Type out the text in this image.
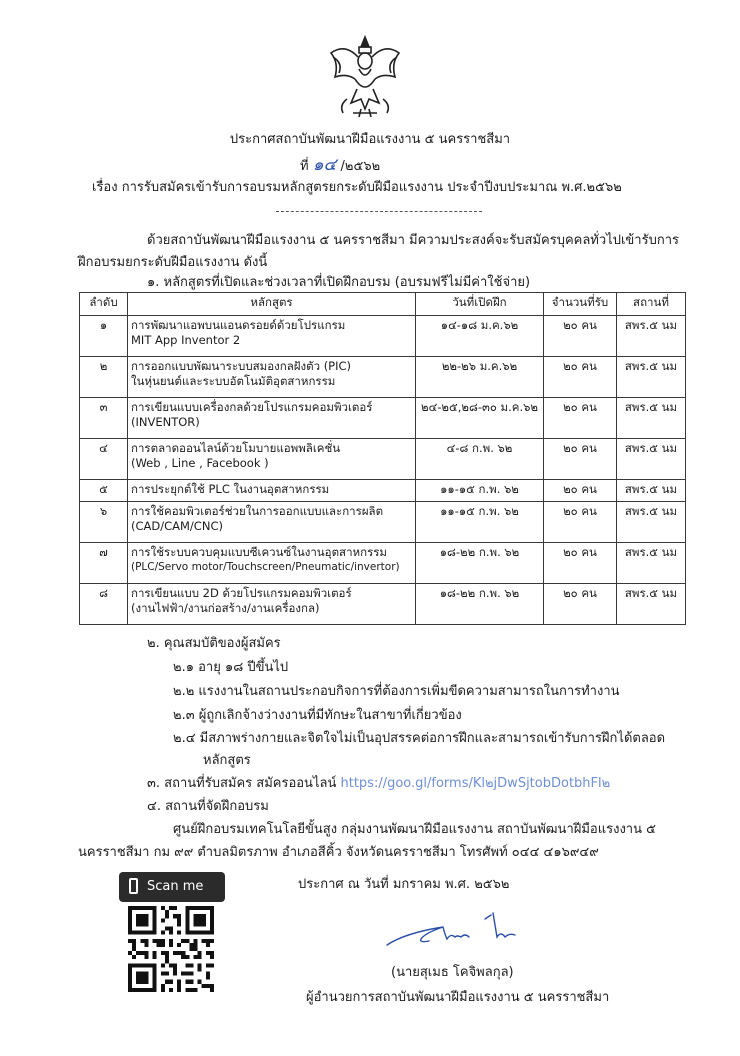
ประกาศสถาบันพัฒนาฝีมือแรงงาน ๕ นครราชสีมา
ที่ ๑๔ /๒๕๖๒
เรื่อง การรับสมัครเข้ารับการอบรมหลักสูตรยกระดับฝีมือแรงงาน ประจำปีงบประมาณ พ.ศ.๒๕๖๒
ด้วยสถาบันพัฒนาฝีมือแรงงาน ๕ นครราชสีมา มีความประสงค์จะรับสมัครบุคคลทั่วไปเข้ารับการ
ฝึกอบรมยกระดับฝีมือแรงงาน ดังนี้
๑. หลักสูตรที่เปิดและช่วงเวลาที่เปิดฝึกอบรม (อบรมฟรีไม่มีค่าใช้จ่าย)
ลำดับ	หลักสูตร	วันที่เปิดฝึก	จำนวนที่รับ	สถานที่
๑	การพัฒนาแอพบนแอนดรอยด์ด้วยโปรแกรม
MIT App Inventor 2	๑๔-๑๘ ม.ค.๖๒	๒๐ คน	สพร.๕ นม
๒	การออกแบบพัฒนาระบบสมองกลฝังตัว (PIC)
ในหุ่นยนต์และระบบอัตโนมัติอุตสาหกรรม	๒๒-๒๖ ม.ค.๖๒	๒๐ คน	สพร.๕ นม
๓	การเขียนแบบเครื่องกลด้วยโปรแกรมคอมพิวเตอร์
(INVENTOR)	๒๔-๒๕,๒๘-๓๐ ม.ค.๖๒	๒๐ คน	สพร.๕ นม
๔	การตลาดออนไลน์ด้วยโมบายแอพพลิเคชั่น
(Web , Line , Facebook )	๔-๘ ก.พ. ๖๒	๒๐ คน	สพร.๕ นม
๕	การประยุกต์ใช้ PLC ในงานอุตสาหกรรม	๑๑-๑๕ ก.พ. ๖๒	๒๐ คน	สพร.๕ นม
๖	การใช้คอมพิวเตอร์ช่วยในการออกแบบและการผลิต
(CAD/CAM/CNC)	๑๑-๑๕ ก.พ. ๖๒	๒๐ คน	สพร.๕ นม
๗	การใช้ระบบควบคุมแบบซีเควนซ์ในงานอุตสาหกรรม
(PLC/Servo motor/Touchscreen/Pneumatic/invertor)	๑๘-๒๒ ก.พ. ๖๒	๒๐ คน	สพร.๕ นม
๘	การเขียนแบบ 2D ด้วยโปรแกรมคอมพิวเตอร์
(งานไฟฟ้า/งานก่อสร้าง/งานเครื่องกล)	๑๘-๒๒ ก.พ. ๖๒	๒๐ คน	สพร.๕ นม
๒. คุณสมบัติของผู้สมัคร
๒.๑ อายุ ๑๘ ปีขึ้นไป
๒.๒ แรงงานในสถานประกอบกิจการที่ต้องการเพิ่มขีดความสามารถในการทำงาน
๒.๓ ผู้ถูกเลิกจ้างว่างงานที่มีทักษะในสาขาที่เกี่ยวข้อง
๒.๔ มีสภาพร่างกายและจิตใจไม่เป็นอุปสรรคต่อการฝึกและสามารถเข้ารับการฝึกได้ตลอด
หลักสูตร
๓. สถานที่รับสมัคร สมัครออนไลน์ https://goo.gl/forms/Kl๒jDwSjtobDotbhFl๒
๔. สถานที่จัดฝึกอบรม
ศูนย์ฝึกอบรมเทคโนโลยีขั้นสูง กลุ่มงานพัฒนาฝีมือแรงงาน สถาบันพัฒนาฝีมือแรงงาน ๕
นครราชสีมา กม ๙๙ ตำบลมิตรภาพ อำเภอสีคิ้ว จังหวัดนครราชสีมา โทรศัพท์ ๐๔๔ ๔๑๖๙๔๙
Scan me	ประกาศ ณ วันที่ มกราคม พ.ศ. ๒๕๖๒
(นายสุเมธ โคจิพลกุล)
ผู้อำนวยการสถาบันพัฒนาฝีมือแรงงาน ๕ นครราชสีมา
